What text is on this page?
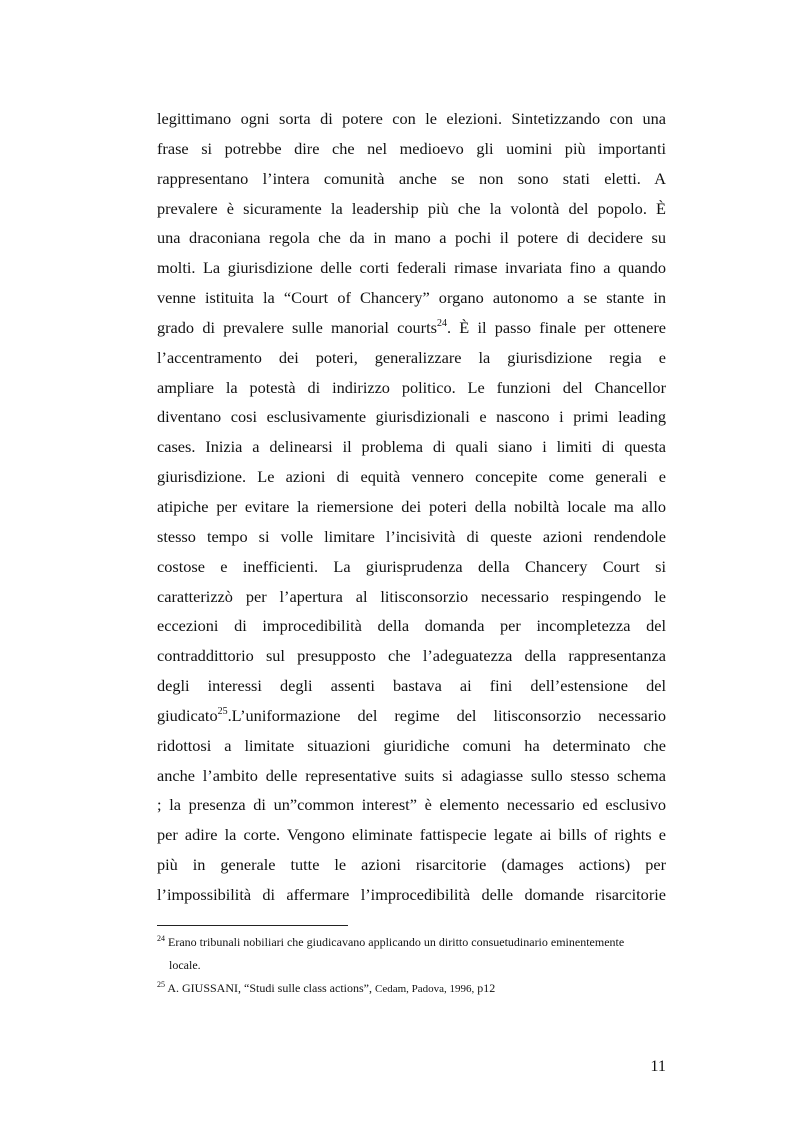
legittimano ogni sorta di potere con le elezioni. Sintetizzando con una
frase si potrebbe dire che nel medioevo gli uomini più importanti
rappresentano l’intera comunità anche se non sono stati eletti. A
prevalere è sicuramente la leadership più che la volontà del popolo. È
una draconiana regola che da in mano a pochi il potere di decidere su
molti. La giurisdizione delle corti federali rimase invariata fino a quando
venne istituita la “Court of Chancery” organo autonomo a se stante in
grado di prevalere sulle manorial courts$^{24}$. È il passo finale per ottenere
l’accentramento dei poteri, generalizzare la giurisdizione regia e
ampliare la potestà di indirizzo politico. Le funzioni del Chancellor
diventano cosi esclusivamente giurisdizionali e nascono i primi leading
cases. Inizia a delinearsi il problema di quali siano i limiti di questa
giurisdizione. Le azioni di equità vennero concepite come generali e
atipiche per evitare la riemersione dei poteri della nobiltà locale ma allo
stesso tempo si volle limitare l’incisività di queste azioni rendendole
costose e inefficienti. La giurisprudenza della Chancery Court si
caratterizzò per l’apertura al litisconsorzio necessario respingendo le
eccezioni di improcedibilità della domanda per incompletezza del
contraddittorio sul presupposto che l’adeguatezza della rappresentanza
degli interessi degli assenti bastava ai fini dell’estensione del
giudicato$^{25}$.L’uniformazione del regime del litisconsorzio necessario
ridottosi a limitate situazioni giuridiche comuni ha determinato che
anche l’ambito delle representative suits si adagiasse sullo stesso schema
; la presenza di un”common interest” è elemento necessario ed esclusivo
per adire la corte. Vengono eliminate fattispecie legate ai bills of rights e
più in generale tutte le azioni risarcitorie (damages actions) per
l’impossibilità di affermare l’improcedibilità delle domande risarcitorie
$^{24}$ Erano tribunali nobiliari che giudicavano applicando un diritto consuetudinario eminentemente
locale.
$^{25}$ A. GIUSSANI, “Studi sulle class actions”, Cedam, Padova, 1996, p12
11
